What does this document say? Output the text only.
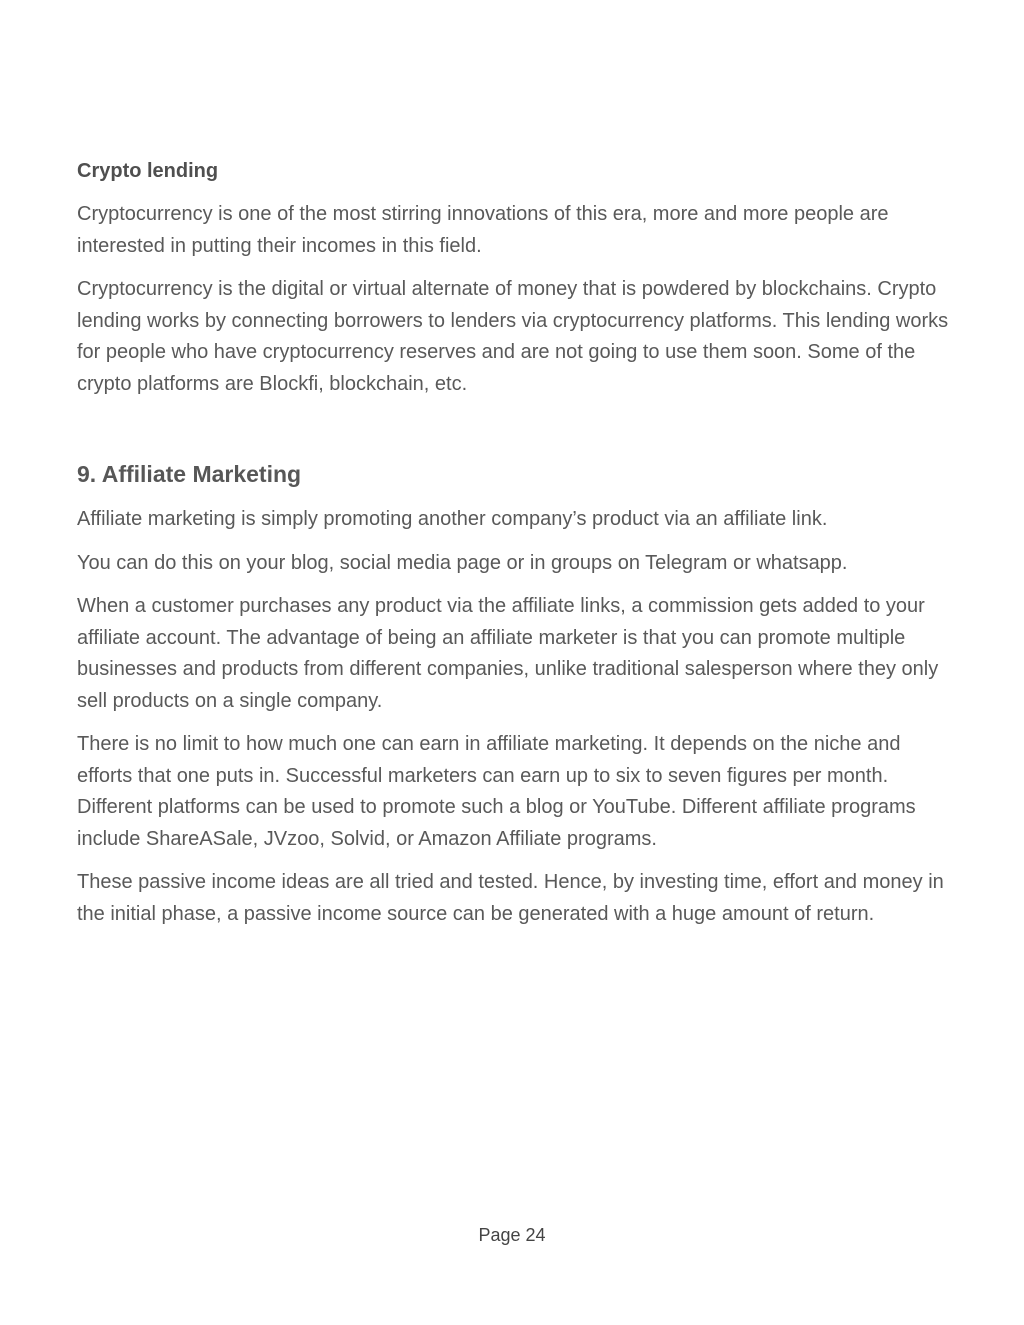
Crypto lending

Cryptocurrency is one of the most stirring innovations of this era, more and more people are interested in putting their incomes in this field.

Cryptocurrency is the digital or virtual alternate of money that is powdered by blockchains. Crypto lending works by connecting borrowers to lenders via cryptocurrency platforms. This lending works for people who have cryptocurrency reserves and are not going to use them soon. Some of the crypto platforms are Blockfi, blockchain, etc.

9. Affiliate Marketing

Affiliate marketing is simply promoting another company’s product via an affiliate link.

You can do this on your blog, social media page or in groups on Telegram or whatsapp.

When a customer purchases any product via the affiliate links, a commission gets added to your affiliate account. The advantage of being an affiliate marketer is that you can promote multiple businesses and products from different companies, unlike traditional salesperson where they only sell products on a single company.

There is no limit to how much one can earn in affiliate marketing. It depends on the niche and efforts that one puts in. Successful marketers can earn up to six to seven figures per month. Different platforms can be used to promote such a blog or YouTube. Different affiliate programs include ShareASale, JVzoo, Solvid, or Amazon Affiliate programs.

These passive income ideas are all tried and tested. Hence, by investing time, effort and money in the initial phase, a passive income source can be generated with a huge amount of return.

Page 24
